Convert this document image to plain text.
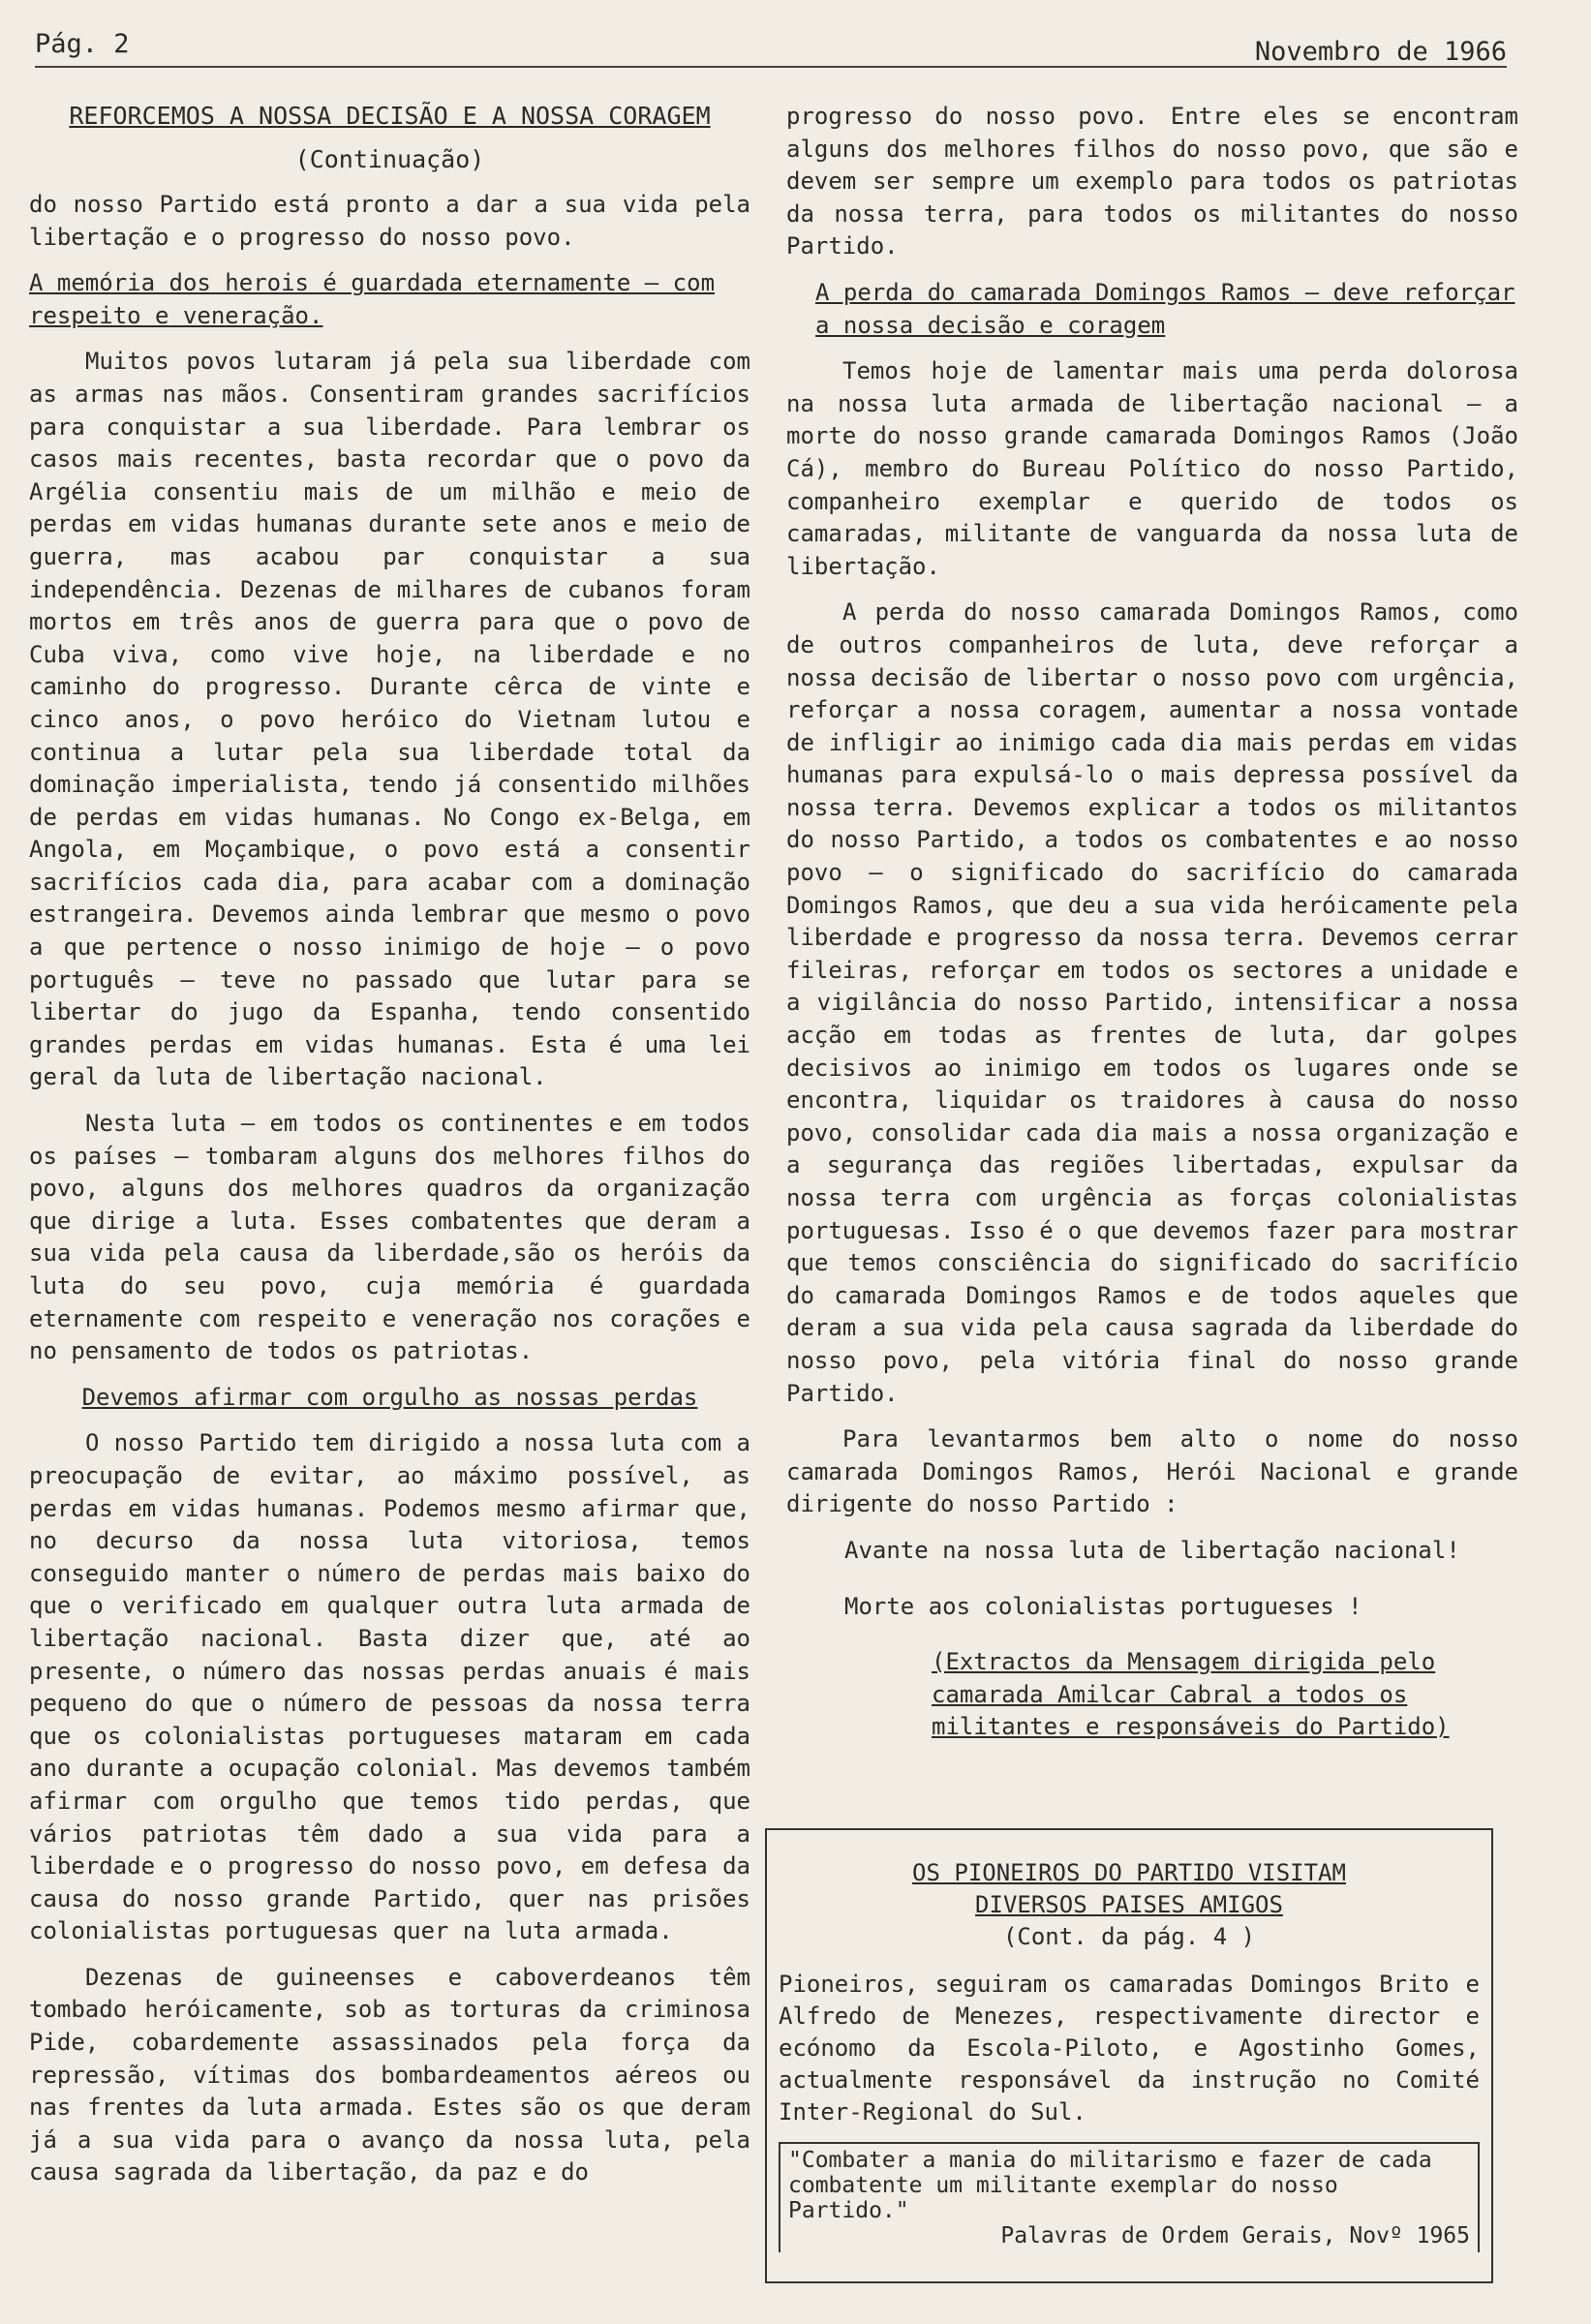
Pág. 2	Novembro de 1966

REFORCEMOS A NOSSA DECISÃO E A NOSSA CORAGEM

(Continuação)

do nosso Partido está pronto a dar a sua vida pela libertação e o progresso do nosso povo.

A memória dos herois é guardada eternamente – com respeito e veneração.

Muitos povos lutaram já pela sua liberdade com as armas nas mãos. Consentiram grandes sacrifícios para conquistar a sua liberdade. Para lembrar os casos mais recentes, basta recordar que o povo da Argélia consentiu mais de um milhão e meio de perdas em vidas humanas durante sete anos e meio de guerra, mas acabou par conquistar a sua independência. Dezenas de milhares de cubanos foram mortos em três anos de guerra para que o povo de Cuba viva, como vive hoje, na liberdade e no caminho do progresso. Durante cêrca de vinte e cinco anos, o povo heróico do Vietnam lutou e continua a lutar pela sua liberdade total da dominação imperialista, tendo já consentido milhões de perdas em vidas humanas. No Congo ex-Belga, em Angola, em Moçambique, o povo está a consentir sacrifícios cada dia, para acabar com a dominação estrangeira. Devemos ainda lembrar que mesmo o povo a que pertence o nosso inimigo de hoje – o povo português – teve no passado que lutar para se libertar do jugo da Espanha, tendo consentido grandes perdas em vidas humanas. Esta é uma lei geral da luta de libertação nacional.

Nesta luta – em todos os continentes e em todos os países – tombaram alguns dos melhores filhos do povo, alguns dos melhores quadros da organização que dirige a luta. Esses combatentes que deram a sua vida pela causa da liberdade,são os heróis da luta do seu povo, cuja memória é guardada eternamente com respeito e veneração nos corações e no pensamento de todos os patriotas.

Devemos afirmar com orgulho as nossas perdas

O nosso Partido tem dirigido a nossa luta com a preocupação de evitar, ao máximo possível, as perdas em vidas humanas. Podemos mesmo afirmar que, no decurso da nossa luta vitoriosa, temos conseguido manter o número de perdas mais baixo do que o verificado em qualquer outra luta armada de libertação nacional. Basta dizer que, até ao presente, o número das nossas perdas anuais é mais pequeno do que o número de pessoas da nossa terra que os colonialistas portugueses mataram em cada ano durante a ocupação colonial. Mas devemos também afirmar com orgulho que temos tido perdas, que vários patriotas têm dado a sua vida para a liberdade e o progresso do nosso povo, em defesa da causa do nosso grande Partido, quer nas prisões colonialistas portuguesas quer na luta armada.

Dezenas de guineenses e caboverdeanos têm tombado heróicamente, sob as torturas da criminosa Pide, cobardemente assassinados pela força da repressão, vítimas dos bombardeamentos aéreos ou nas frentes da luta armada. Estes são os que deram já a sua vida para o avanço da nossa luta, pela causa sagrada da libertação, da paz e do

progresso do nosso povo. Entre eles se encontram alguns dos melhores filhos do nosso povo, que são e devem ser sempre um exemplo para todos os patriotas da nossa terra, para todos os militantes do nosso Partido.

A perda do camarada Domingos Ramos – deve reforçar a nossa decisão e coragem

Temos hoje de lamentar mais uma perda dolorosa na nossa luta armada de libertação nacional – a morte do nosso grande camarada Domingos Ramos (João Cá), membro do Bureau Político do nosso Partido, companheiro exemplar e querido de todos os camaradas, militante de vanguarda da nossa luta de libertação.

A perda do nosso camarada Domingos Ramos, como de outros companheiros de luta, deve reforçar a nossa decisão de libertar o nosso povo com urgência, reforçar a nossa coragem, aumentar a nossa vontade de infligir ao inimigo cada dia mais perdas em vidas humanas para expulsá-lo o mais depressa possível da nossa terra. Devemos explicar a todos os militantos do nosso Partido, a todos os combatentes e ao nosso povo – o significado do sacrifício do camarada Domingos Ramos, que deu a sua vida heróicamente pela liberdade e progresso da nossa terra. Devemos cerrar fileiras, reforçar em todos os sectores a unidade e a vigilância do nosso Partido, intensificar a nossa acção em todas as frentes de luta, dar golpes decisivos ao inimigo em todos os lugares onde se encontra, liquidar os traidores à causa do nosso povo, consolidar cada dia mais a nossa organização e a segurança das regiões libertadas, expulsar da nossa terra com urgência as forças colonialistas portuguesas. Isso é o que devemos fazer para mostrar que temos consciência do significado do sacrifício do camarada Domingos Ramos e de todos aqueles que deram a sua vida pela causa sagrada da liberdade do nosso povo, pela vitória final do nosso grande Partido.

Para levantarmos bem alto o nome do nosso camarada Domingos Ramos, Herói Nacional e grande dirigente do nosso Partido :

Avante na nossa luta de libertação nacional!

Morte aos colonialistas portugueses !

(Extractos da Mensagem dirigida pelo camarada Amilcar Cabral a todos os militantes e responsáveis do Partido)

OS PIONEIROS DO PARTIDO VISITAM

DIVERSOS PAISES AMIGOS

(Cont. da pág. 4 )

Pioneiros, seguiram os camaradas Domingos Brito e Alfredo de Menezes, respectivamente director e ecónomo da Escola-Piloto, e Agostinho Gomes, actualmente responsável da instrução no Comité Inter-Regional do Sul.

"Combater a mania do militarismo e fazer de cada combatente um militante exemplar do nosso Partido."
Palavras de Ordem Gerais, Novº 1965
